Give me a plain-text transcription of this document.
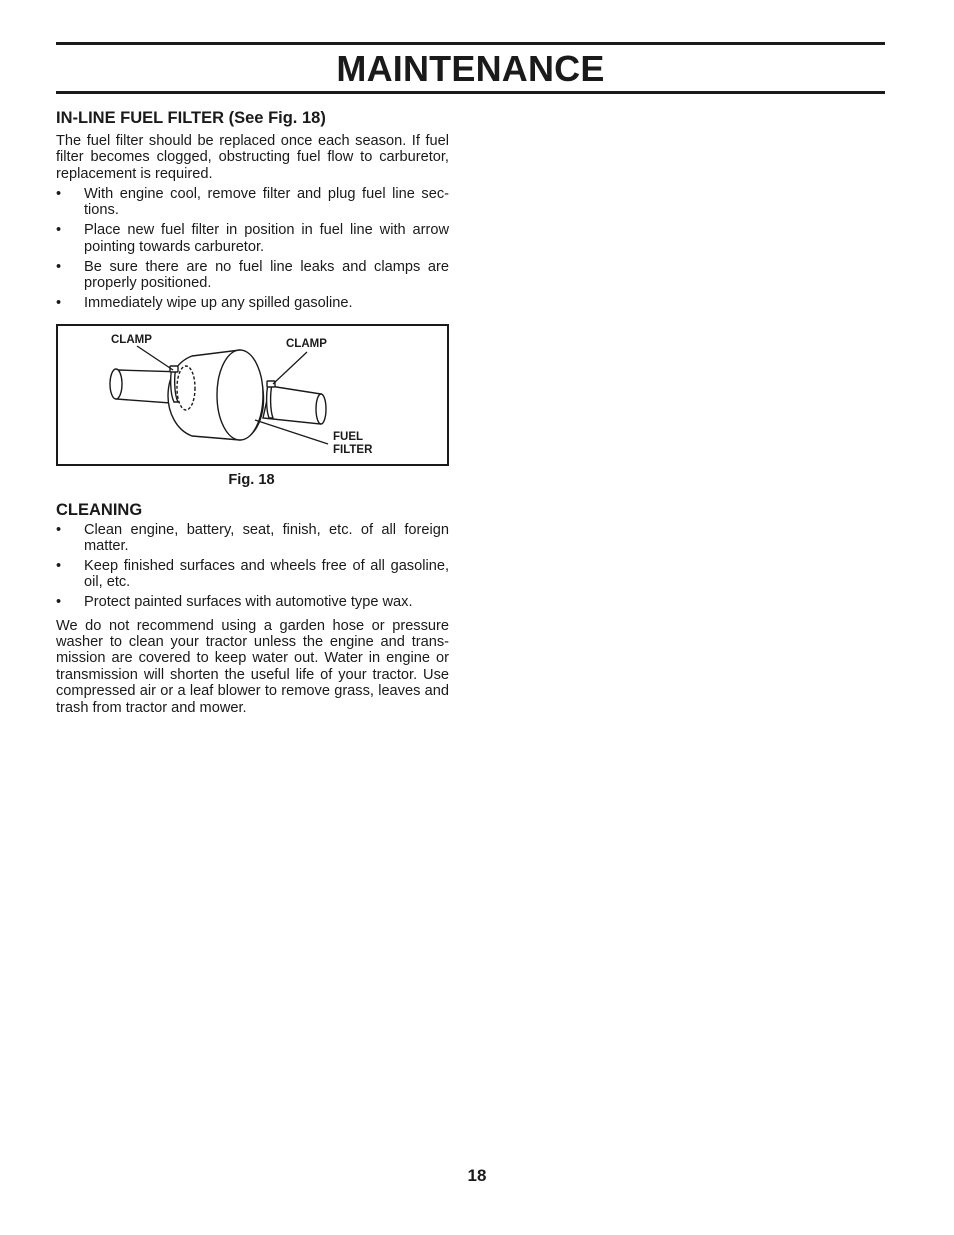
MAINTENANCE
IN-LINE FUEL FILTER (See Fig. 18)

The fuel filter should be replaced once each season. If fuel filter becomes clogged, obstructing fuel flow to carburetor, replacement is required.

• With engine cool, remove filter and plug fuel line sec-tions.
• Place new fuel filter in position in fuel line with arrow pointing towards carburetor.
• Be sure there are no fuel line leaks and clamps are properly positioned.
• Immediately wipe up any spilled gasoline.
CLAMP	CLAMP
FUEL
FILTER
Fig. 18
CLEANING
• Clean engine, battery, seat, finish, etc. of all foreign matter.
• Keep finished surfaces and wheels free of all gasoline, oil, etc.
• Protect painted surfaces with automotive type wax.

We do not recommend using a garden hose or pressure washer to clean your tractor unless the engine and trans-mission are covered to keep water out. Water in engine or transmission will shorten the useful life of your tractor. Use compressed air or a leaf blower to remove grass, leaves and trash from tractor and mower.

18
